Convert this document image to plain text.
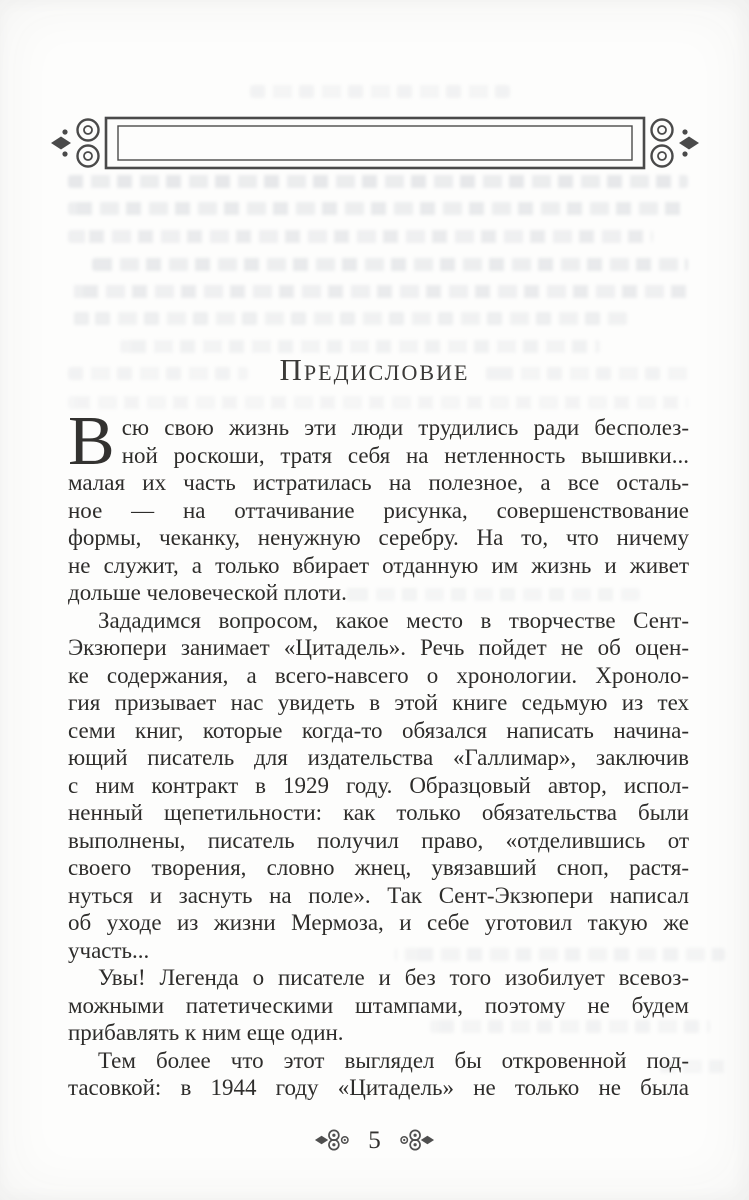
Предисловие
В сю свою жизнь эти люди трудились ради бесполез-
ной роскоши, тратя себя на нетленность вышивки...
малая их часть истратилась на полезное, а все осталь-
ное — на оттачивание рисунка, совершенствование
формы, чеканку, ненужную серебру. На то, что ничему
не служит, а только вбирает отданную им жизнь и живет
дольше человеческой плоти.
Зададимся вопросом, какое место в творчестве Сент-
Экзюпери занимает «Цитадель». Речь пойдет не об оцен-
ке содержания, а всего-навсего о хронологии. Хроноло-
гия призывает нас увидеть в этой книге седьмую из тех
семи книг, которые когда-то обязался написать начина-
ющий писатель для издательства «Галлимар», заключив
с ним контракт в 1929 году. Образцовый автор, испол-
ненный щепетильности: как только обязательства были
выполнены, писатель получил право, «отделившись от
своего творения, словно жнец, увязавший сноп, растя-
нуться и заснуть на поле». Так Сент-Экзюпери написал
об уходе из жизни Мермоза, и себе уготовил такую же
участь...
Увы! Легенда о писателе и без того изобилует всевоз-
можными патетическими штампами, поэтому не будем
прибавлять к ним еще один.
Тем более что этот выглядел бы откровенной под-
тасовкой: в 1944 году «Цитадель» не только не была
5
